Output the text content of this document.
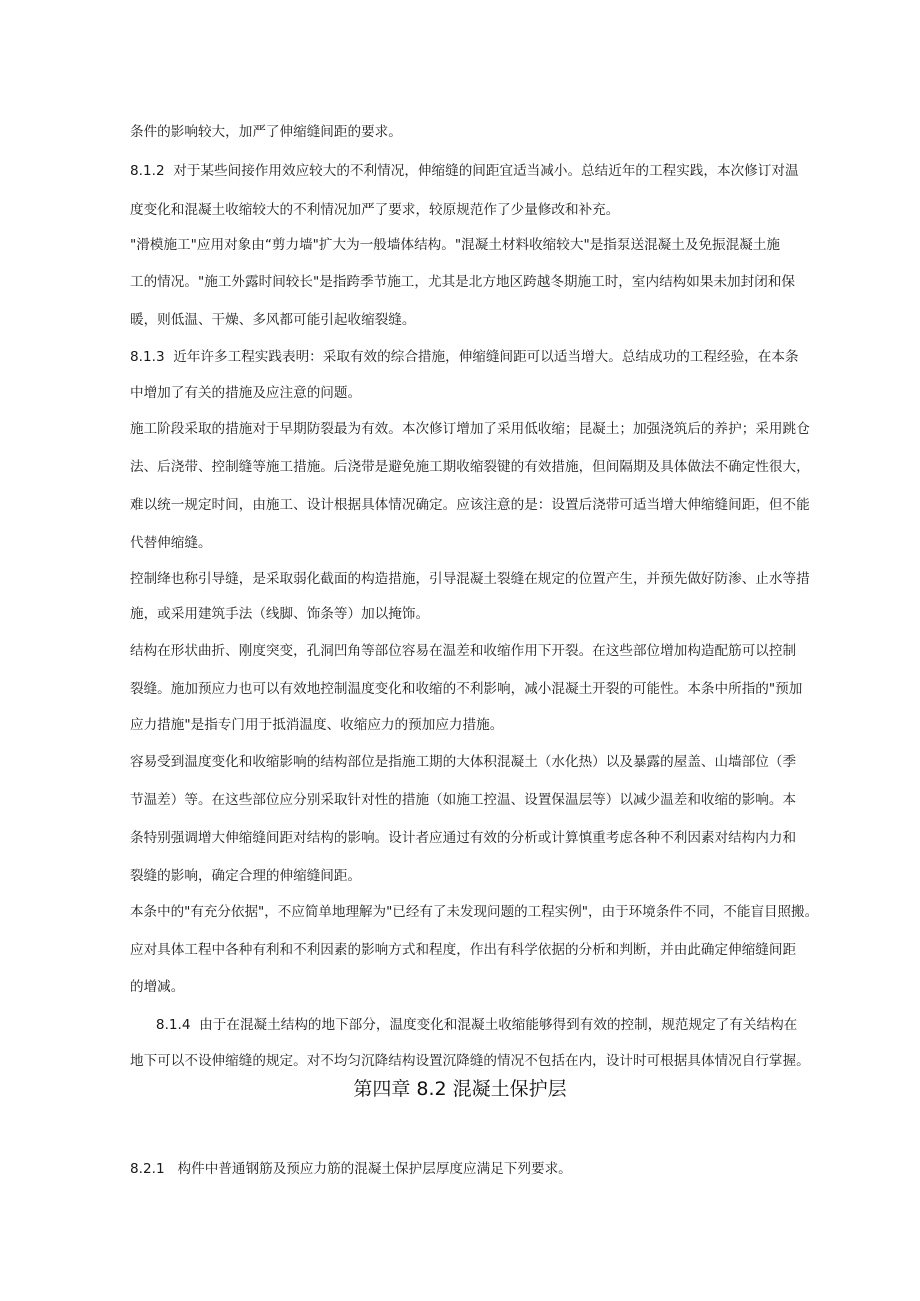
条件的影响较大，加严了伸缩缝间距的要求。
8.1.2  对于某些间接作用效应较大的不利情况，伸缩缝的间距宜适当减小。总结近年的工程实践，本次修订对温
度变化和混凝土收缩较大的不利情况加严了要求，较原规范作了少量修改和补充。
"滑模施工"应用对象由“剪力墙"扩大为一般墙体结构。"混凝土材料收缩较大"是指泵送混凝土及免振混凝土施
工的情况。"施工外露时间较长"是指跨季节施工，尤其是北方地区跨越冬期施工时，室内结构如果未加封闭和保
暖，则低温、干燥、多风都可能引起收缩裂缝。
8.1.3  近年许多工程实践表明：采取有效的综合措施，伸缩缝间距可以适当增大。总结成功的工程经验，在本条
中增加了有关的措施及应注意的问题。
施工阶段采取的措施对于早期防裂最为有效。本次修订增加了采用低收缩；昆凝土；加强浇筑后的养护；采用跳仓
法、后浇带、控制缝等施工措施。后浇带是避免施工期收缩裂键的有效措施，但间隔期及具体做法不确定性很大，
难以统一规定时间，由施工、设计根据具体情况确定。应该注意的是：设置后浇带可适当增大伸缩缝间距，但不能
代替伸缩缝。
控制绛也称引导缝，是采取弱化截面的构造措施，引导混凝土裂缝在规定的位置产生，并预先做好防渗、止水等措
施，或采用建筑手法（线脚、饰条等）加以掩饰。
结构在形状曲折、刚度突变，孔洞凹角等部位容易在温差和收缩作用下开裂。在这些部位增加构造配筋可以控制
裂缝。施加预应力也可以有效地控制温度变化和收缩的不利影响，减小混凝土开裂的可能性。本条中所指的"预加
应力措施"是指专门用于抵消温度、收缩应力的预加应力措施。
容易受到温度变化和收缩影响的结构部位是指施工期的大体积混凝土（水化热）以及暴露的屋盖、山墙部位（季
节温差）等。在这些部位应分别采取针对性的措施（如施工控温、设置保温层等）以减少温差和收缩的影响。本
条特别强调增大伸缩缝间距对结构的影响。设计者应通过有效的分析或计算慎重考虑各种不利因素对结构内力和
裂缝的影响，确定合理的伸缩缝间距。
本条中的"有充分依据"，不应简单地理解为"已经有了未发现问题的工程实例"，由于环境条件不同，不能盲目照搬。
应对具体工程中各种有利和不利因素的影响方式和程度，作出有科学依据的分析和判断，并由此确定伸缩缝间距
的增减。
8.1.4  由于在混凝土结构的地下部分，温度变化和混凝土收缩能够得到有效的控制，规范规定了有关结构在
地下可以不设伸缩缝的规定。对不均匀沉降结构设置沉降缝的情况不包括在内，设计时可根据具体情况自行掌握。
第四章 8.2 混凝土保护层
8.2.1   构件中普通钢筋及预应力筋的混凝土保护层厚度应满足下列要求。
